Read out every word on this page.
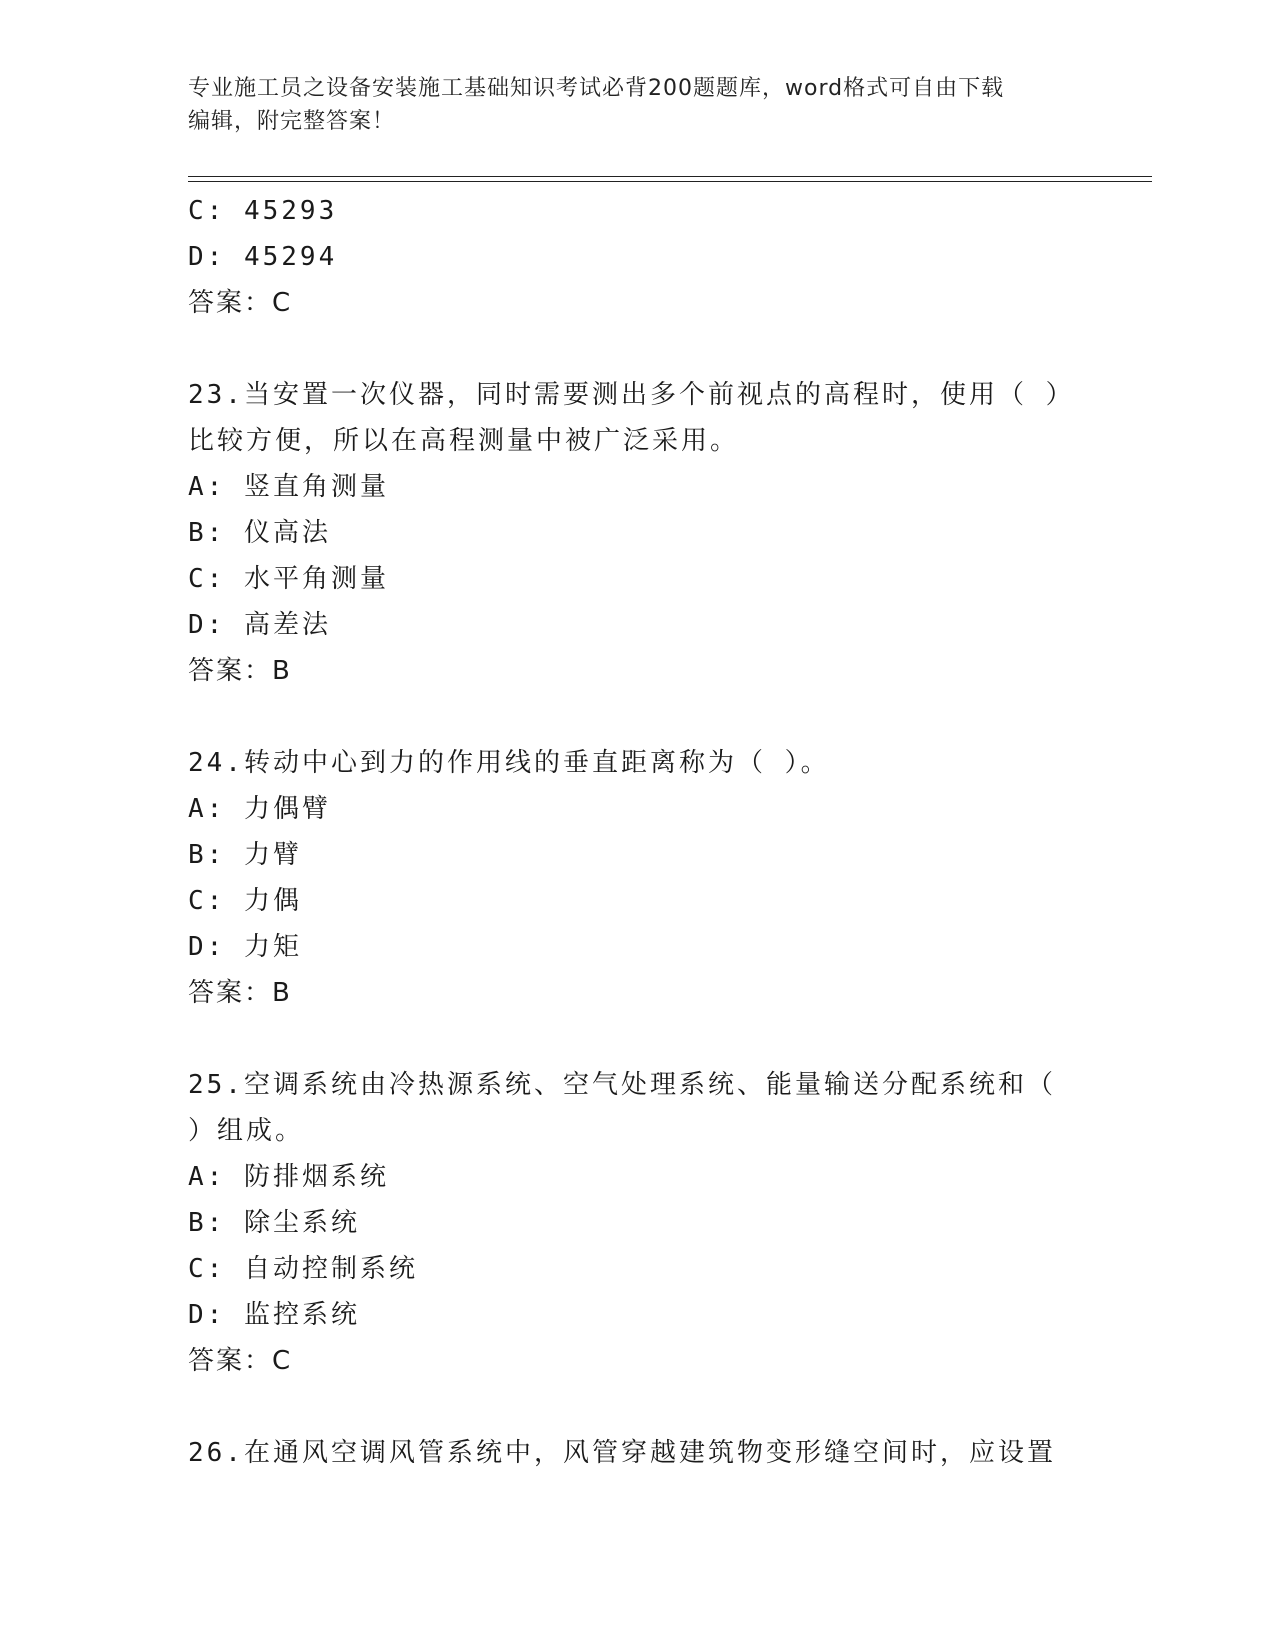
专业施工员之设备安装施工基础知识考试必背200题题库，word格式可自由下载
编辑，附完整答案！
C: 45293
D: 45294
答案：C
23.当安置一次仪器，同时需要测出多个前视点的高程时，使用（ ）
比较方便，所以在高程测量中被广泛采用。
A: 竖直角测量
B: 仪高法
C: 水平角测量
D: 高差法
答案：B
24.转动中心到力的作用线的垂直距离称为（ ）。
A: 力偶臂
B: 力臂
C: 力偶
D: 力矩
答案：B
25.空调系统由冷热源系统、空气处理系统、能量输送分配系统和（
）组成。
A: 防排烟系统
B: 除尘系统
C: 自动控制系统
D: 监控系统
答案：C
26.在通风空调风管系统中，风管穿越建筑物变形缝空间时，应设置
